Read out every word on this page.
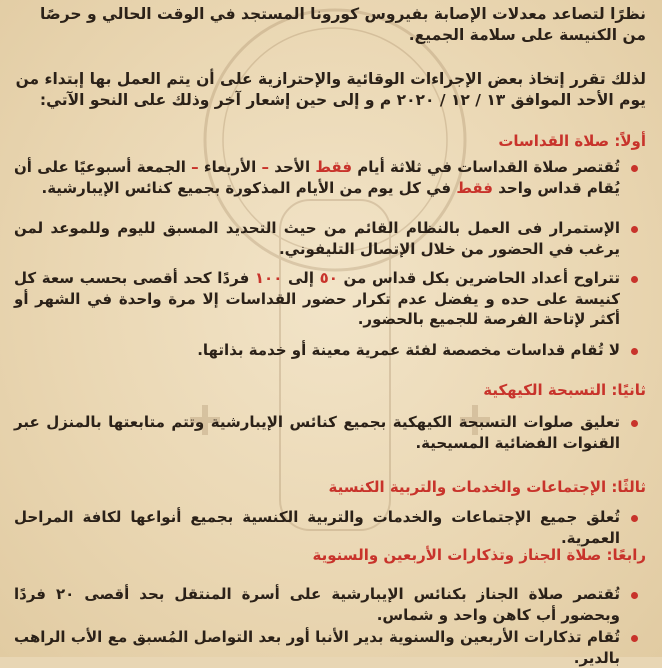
نظرًا لتصاعد معدلات الإصابة بفيروس كورونا المستجد في الوقت الحالي و حرصًا من الكنيسة على سلامة الجميع.

لذلك تقرر إتخاذ بعض الإجراءات الوقائية والإحترازية على أن يتم العمل بها إبتداء من يوم الأحد الموافق ١٣ / ١٢ / ٢٠٢٠ م و إلى حين إشعار آخر وذلك على النحو الآتي:

أولاً: صلاة القداسات
تُقتصر صلاة القداسات في ثلاثة أيام فقط الأحد – الأربعاء – الجمعة أسبوعيًا على أن يُقام قداس واحد فقط في كل يوم من الأيام المذكورة بجميع كنائس الإيبارشية.
الإستمرار فى العمل بالنظام القائم من حيث التحديد المسبق لليوم وللموعد لمن يرغب في الحضور من خلال الإتصال التليفوني.
تتراوح أعداد الحاضرين بكل قداس من ٥٠ إلى ١٠٠ فردًا كحد أقصى بحسب سعة كل كنيسة على حده و يفضل عدم تكرار حضور القداسات إلا مرة واحدة في الشهر أو أكثر لإتاحة الفرصة للجميع بالحضور.
لا تُقام قداسات مخصصة لفئة عمرية معينة أو خدمة بذاتها.
ثانيًا: التسبحة الكيهكية
تعليق صلوات التسبحة الكيهكية بجميع كنائس الإيبارشية وتتم متابعتها بالمنزل عبر القنوات الفضائية المسيحية.
ثالثًا: الإجتماعات والخدمات والتربية الكنسية
تُعلق جميع الإجتماعات والخدمات والتربية الكنسية بجميع أنواعها لكافة المراحل العمرية.
رابعًا: صلاة الجناز وتذكارات الأربعين والسنوية
تُقتصر صلاة الجناز بكنائس الإيبارشية على أسرة المنتقل بحد أقصى ٢٠ فردًا وبحضور أب كاهن واحد و شماس.
تُقام تذكارات الأربعين والسنوية بدير الأنبا أور بعد التواصل المُسبق مع الأب الراهب بالدير.
